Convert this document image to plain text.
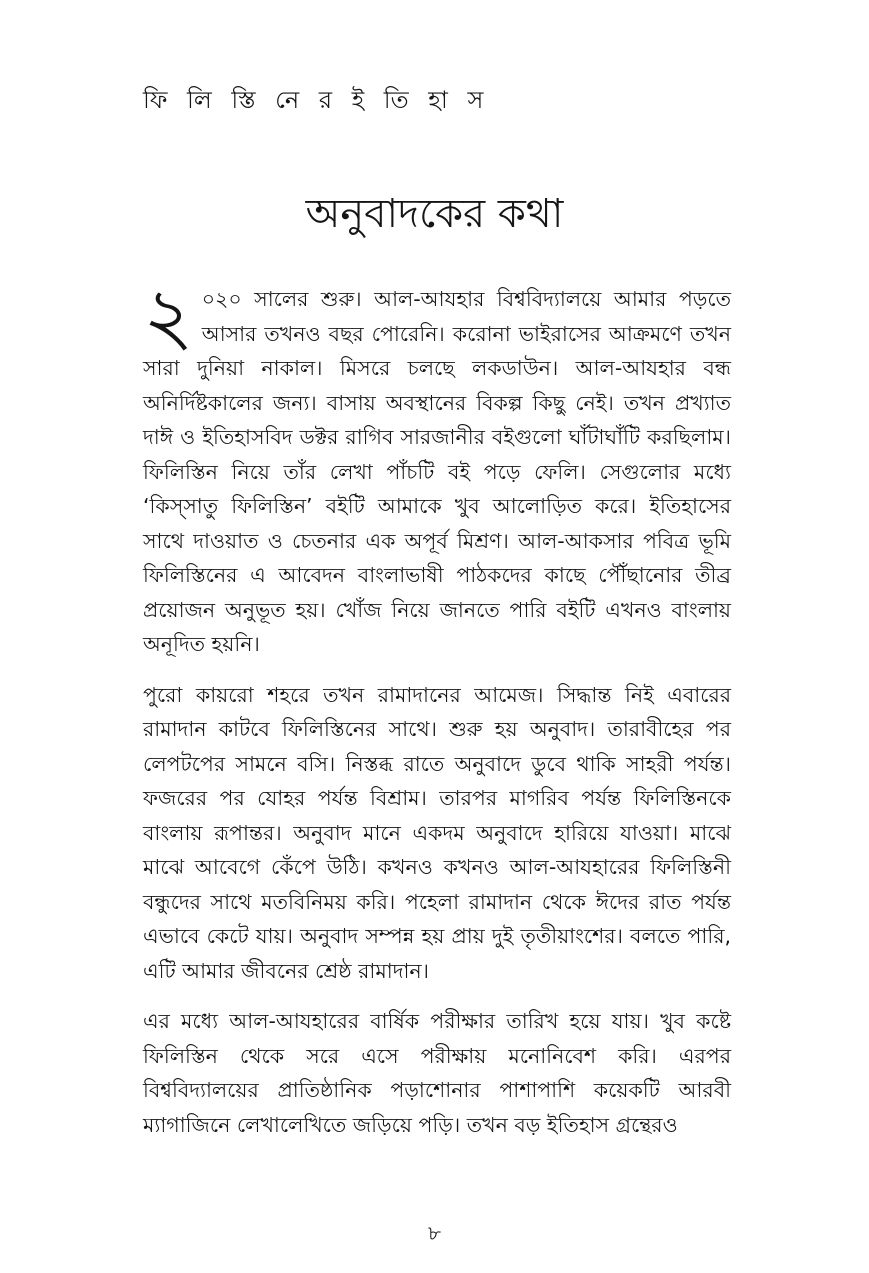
ফি লি স্তি নে র ই তি হা স
অনুবাদকের কথা

২ ০২০ সালের শুরু। আল-আযহার বিশ্ববিদ্যালয়ে আমার পড়তে আসার তখনও বছর পোরেনি। করোনা ভাইরাসের আক্রমণে তখন সারা দুনিয়া নাকাল। মিসরে চলছে লকডাউন। আল-আযহার বন্ধ অনির্দিষ্টকালের জন্য। বাসায় অবস্থানের বিকল্প কিছু নেই। তখন প্রখ্যাত দাঈ ও ইতিহাসবিদ ডক্টর রাগিব সারজানীর বইগুলো ঘাঁটাঘাঁটি করছিলাম। ফিলিস্তিন নিয়ে তাঁর লেখা পাঁচটি বই পড়ে ফেলি। সেগুলোর মধ্যে ‘কিস্‌সাতু ফিলিস্তিন’ বইটি আমাকে খুব আলোড়িত করে। ইতিহাসের সাথে দাওয়াত ও চেতনার এক অপূর্ব মিশ্রণ। আল-আকসার পবিত্র ভূমি ফিলিস্তিনের এ আবেদন বাংলাভাষী পাঠকদের কাছে পৌঁছানোর তীব্র প্রয়োজন অনুভূত হয়। খোঁজ নিয়ে জানতে পারি বইটি এখনও বাংলায় অনূদিত হয়নি।

পুরো কায়রো শহরে তখন রামাদানের আমেজ। সিদ্ধান্ত নিই এবারের রামাদান কাটবে ফিলিস্তিনের সাথে। শুরু হয় অনুবাদ। তারাবীহের পর লেপটপের সামনে বসি। নিস্তব্ধ রাতে অনুবাদে ডুবে থাকি সাহরী পর্যন্ত। ফজরের পর যোহর পর্যন্ত বিশ্রাম। তারপর মাগরিব পর্যন্ত ফিলিস্তিনকে বাংলায় রূপান্তর। অনুবাদ মানে একদম অনুবাদে হারিয়ে যাওয়া। মাঝে মাঝে আবেগে কেঁপে উঠি। কখনও কখনও আল-আযহারের ফিলিস্তিনী বন্ধুদের সাথে মতবিনিময় করি। পহেলা রামাদান থেকে ঈদের রাত পর্যন্ত এভাবে কেটে যায়। অনুবাদ সম্পন্ন হয় প্রায় দুই তৃতীয়াংশের। বলতে পারি, এটি আমার জীবনের শ্রেষ্ঠ রামাদান।

এর মধ্যে আল-আযহারের বার্ষিক পরীক্ষার তারিখ হয়ে যায়। খুব কষ্টে ফিলিস্তিন থেকে সরে এসে পরীক্ষায় মনোনিবেশ করি। এরপর বিশ্ববিদ্যালয়ের প্রাতিষ্ঠানিক পড়াশোনার পাশাপাশি কয়েকটি আরবী ম্যাগাজিনে লেখালেখিতে জড়িয়ে পড়ি। তখন বড় ইতিহাস গ্রন্থেরও

৮
